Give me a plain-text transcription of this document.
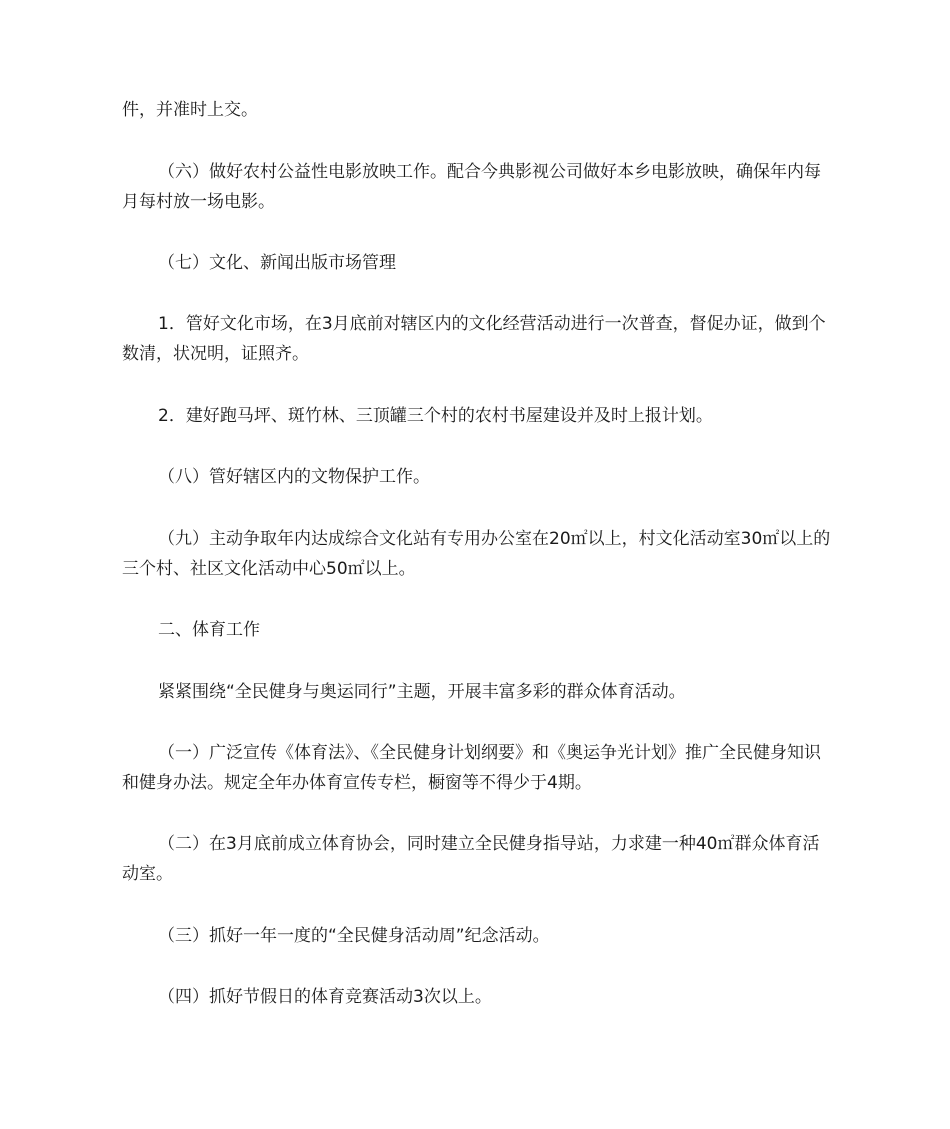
件，并准时上交。

（六）做好农村公益性电影放映工作。配合今典影视公司做好本乡电影放映，确保年内每月每村放一场电影。

（七）文化、新闻出版市场管理

1．管好文化市场，在3月底前对辖区内的文化经营活动进行一次普查，督促办证，做到个数清，状况明，证照齐。

2．建好跑马坪、斑竹林、三顶罐三个村的农村书屋建设并及时上报计划。

（八）管好辖区内的文物保护工作。

（九）主动争取年内达成综合文化站有专用办公室在20㎡以上，村文化活动室30㎡以上的三个村、社区文化活动中心50㎡以上。

二、体育工作

紧紧围绕“全民健身与奥运同行”主题，开展丰富多彩的群众体育活动。

（一）广泛宣传《体育法》、《全民健身计划纲要》和《奥运争光计划》推广全民健身知识和健身办法。规定全年办体育宣传专栏，橱窗等不得少于4期。

（二）在3月底前成立体育协会，同时建立全民健身指导站，力求建一种40㎡群众体育活动室。

（三）抓好一年一度的“全民健身活动周”纪念活动。

（四）抓好节假日的体育竞赛活动3次以上。
